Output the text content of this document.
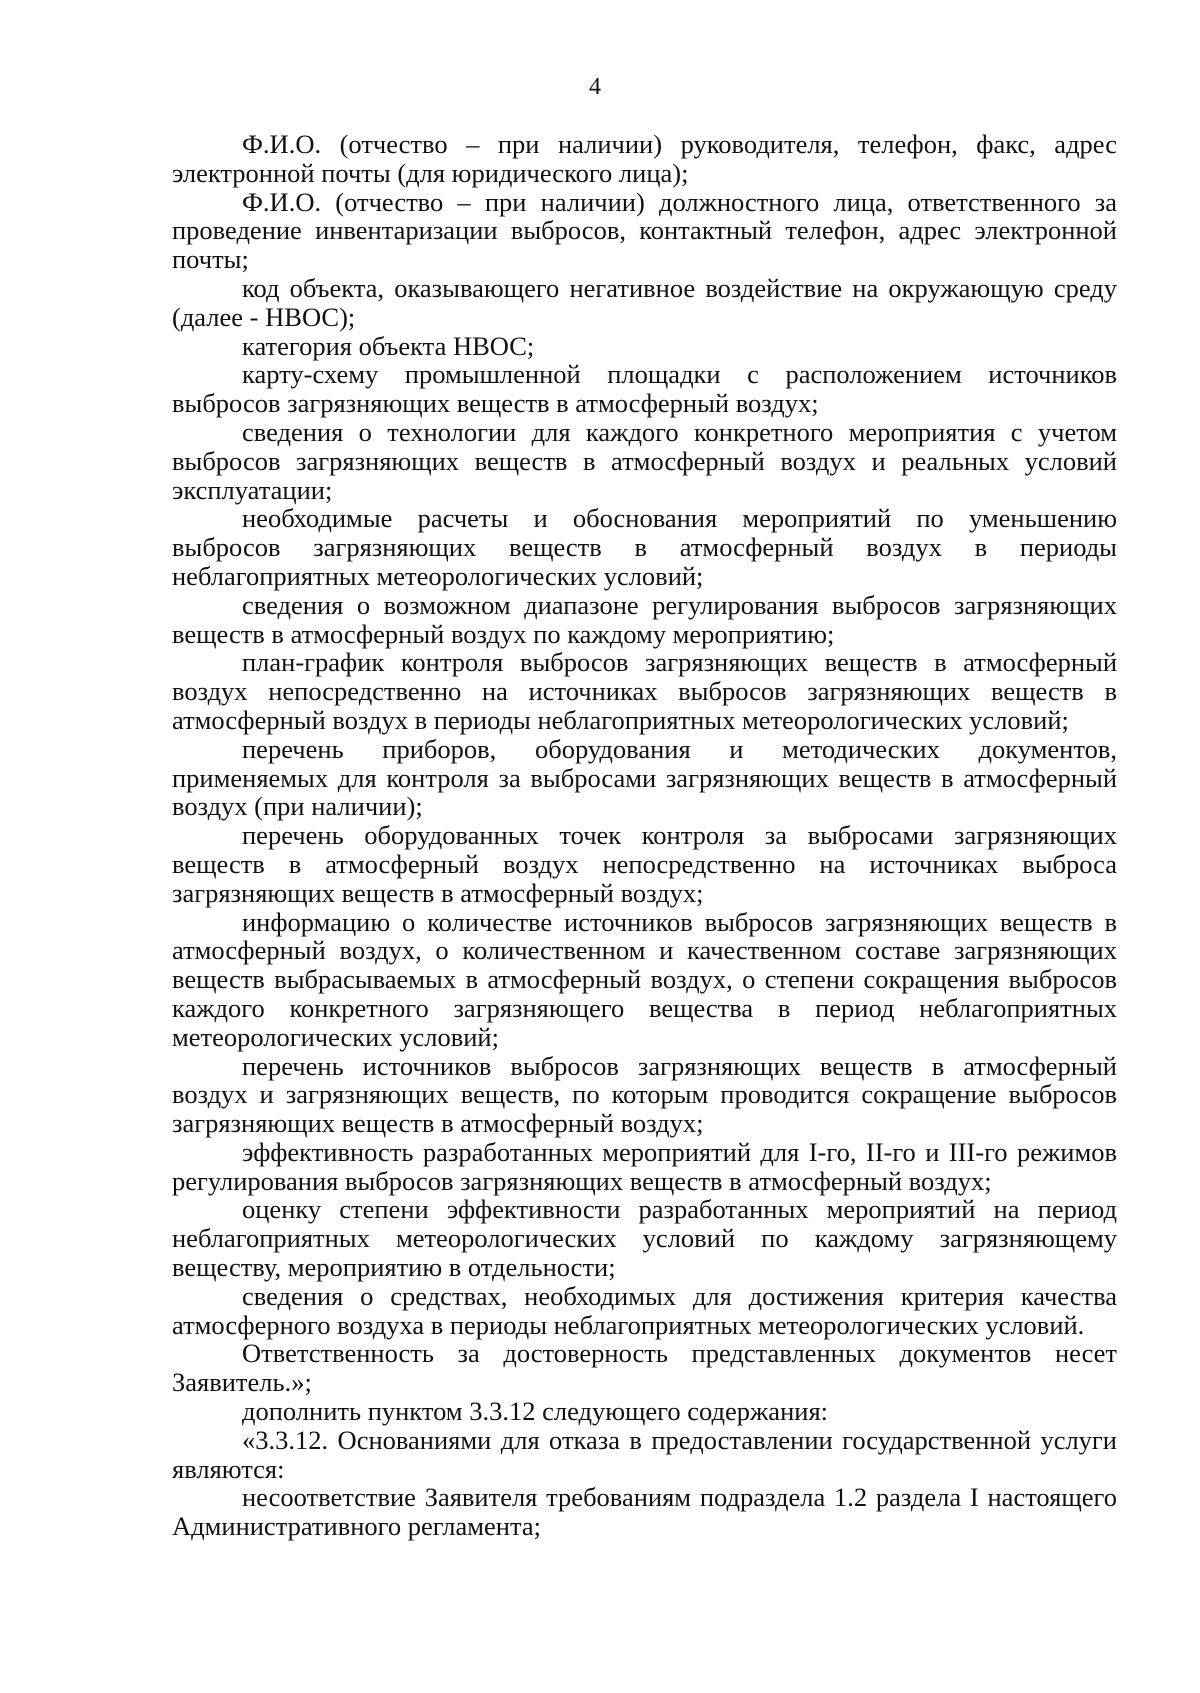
4

Ф.И.О. (отчество – при наличии) руководителя, телефон, факс, адрес электронной почты (для юридического лица);

Ф.И.О. (отчество – при наличии) должностного лица, ответственного за проведение инвентаризации выбросов, контактный телефон, адрес электронной почты;

код объекта, оказывающего негативное воздействие на окружающую среду (далее - НВОС);

категория объекта НВОС;

карту-схему промышленной площадки с расположением источников выбросов загрязняющих веществ в атмосферный воздух;

сведения о технологии для каждого конкретного мероприятия с учетом выбросов загрязняющих веществ в атмосферный воздух и реальных условий эксплуатации;

необходимые расчеты и обоснования мероприятий по уменьшению выбросов загрязняющих веществ в атмосферный воздух в периоды неблагоприятных метеорологических условий;

сведения о возможном диапазоне регулирования выбросов загрязняющих веществ в атмосферный воздух по каждому мероприятию;

план-график контроля выбросов загрязняющих веществ в атмосферный воздух непосредственно на источниках выбросов загрязняющих веществ в атмосферный воздух в периоды неблагоприятных метеорологических условий;

перечень приборов, оборудования и методических документов, применяемых для контроля за выбросами загрязняющих веществ в атмосферный воздух (при наличии);

перечень оборудованных точек контроля за выбросами загрязняющих веществ в атмосферный воздух непосредственно на источниках выброса загрязняющих веществ в атмосферный воздух;

информацию о количестве источников выбросов загрязняющих веществ в атмосферный воздух, о количественном и качественном составе загрязняющих веществ выбрасываемых в атмосферный воздух, о степени сокращения выбросов каждого конкретного загрязняющего вещества в период неблагоприятных метеорологических условий;

перечень источников выбросов загрязняющих веществ в атмосферный воздух и загрязняющих веществ, по которым проводится сокращение выбросов загрязняющих веществ в атмосферный воздух;

эффективность разработанных мероприятий для I-го, II-го и III-го режимов регулирования выбросов загрязняющих веществ в атмосферный воздух;

оценку степени эффективности разработанных мероприятий на период неблагоприятных метеорологических условий по каждому загрязняющему веществу, мероприятию в отдельности;

сведения о средствах, необходимых для достижения критерия качества атмосферного воздуха в периоды неблагоприятных метеорологических условий.

Ответственность за достоверность представленных документов несет Заявитель.»;

дополнить пунктом 3.3.12 следующего содержания:

«3.3.12. Основаниями для отказа в предоставлении государственной услуги являются:

несоответствие Заявителя требованиям подраздела 1.2 раздела I настоящего Административного регламента;
